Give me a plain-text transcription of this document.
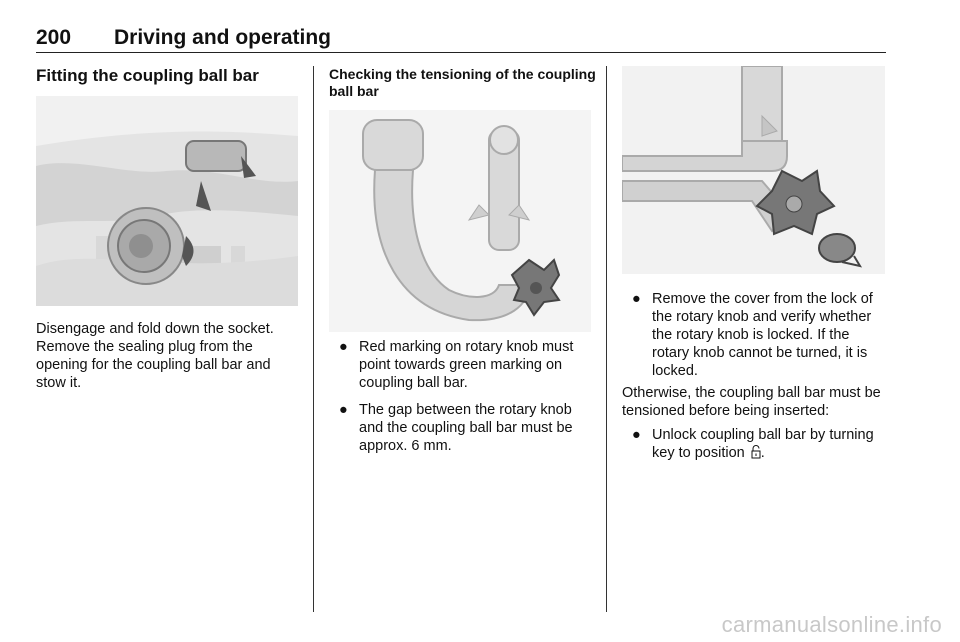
200 Driving and operating
Fitting the coupling ball bar

Disengage and fold down the socket. Remove the sealing plug from the opening for the coupling ball bar and stow it.

Checking the tensioning of the coupling ball bar
● Red marking on rotary knob must point towards green marking on coupling ball bar.
● The gap between the rotary knob and the coupling ball bar must be approx. 6 mm.
● Remove the cover from the lock of the rotary knob and verify whether the rotary knob is locked. If the rotary knob cannot be turned, it is locked.

Otherwise, the coupling ball bar must be tensioned before being inserted:

● Unlock coupling ball bar by turning key to position .
carmanualsonline.info
